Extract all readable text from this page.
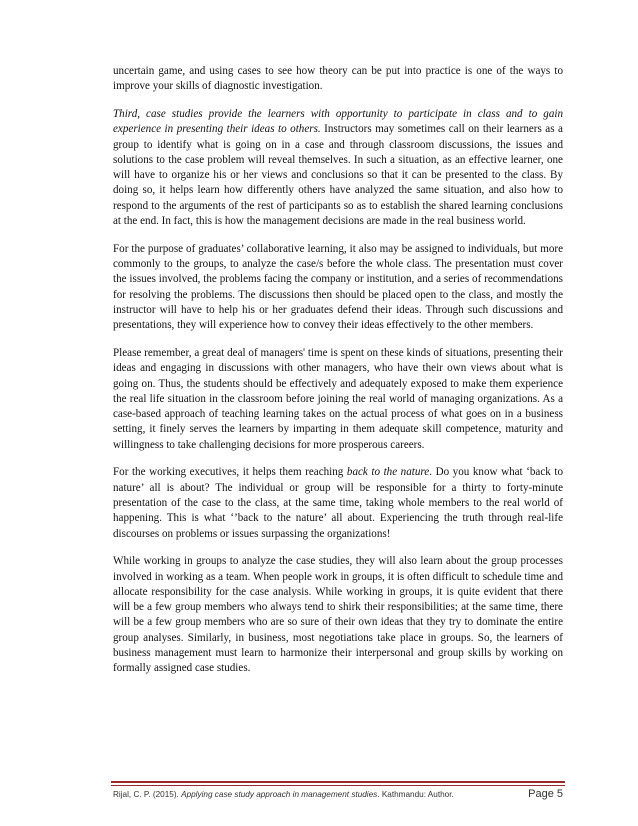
uncertain game, and using cases to see how theory can be put into practice is one of the ways to improve your skills of diagnostic investigation.

Third, case studies provide the learners with opportunity to participate in class and to gain experience in presenting their ideas to others. Instructors may sometimes call on their learners as a group to identify what is going on in a case and through classroom discussions, the issues and solutions to the case problem will reveal themselves. In such a situation, as an effective learner, one will have to organize his or her views and conclusions so that it can be presented to the class. By doing so, it helps learn how differently others have analyzed the same situation, and also how to respond to the arguments of the rest of participants so as to establish the shared learning conclusions at the end. In fact, this is how the management decisions are made in the real business world.

For the purpose of graduates’ collaborative learning, it also may be assigned to individuals, but more commonly to the groups, to analyze the case/s before the whole class. The presentation must cover the issues involved, the problems facing the company or institution, and a series of recommendations for resolving the problems. The discussions then should be placed open to the class, and mostly the instructor will have to help his or her graduates defend their ideas. Through such discussions and presentations, they will experience how to convey their ideas effectively to the other members.

Please remember, a great deal of managers' time is spent on these kinds of situations, presenting their ideas and engaging in discussions with other managers, who have their own views about what is going on. Thus, the students should be effectively and adequately exposed to make them experience the real life situation in the classroom before joining the real world of managing organizations. As a case-based approach of teaching learning takes on the actual process of what goes on in a business setting, it finely serves the learners by imparting in them adequate skill competence, maturity and willingness to take challenging decisions for more prosperous careers.

For the working executives, it helps them reaching back to the nature. Do you know what ‘back to nature’ all is about? The individual or group will be responsible for a thirty to forty-minute presentation of the case to the class, at the same time, taking whole members to the real world of happening. This is what ‘’back to the nature’ all about. Experiencing the truth through real-life discourses on problems or issues surpassing the organizations!

While working in groups to analyze the case studies, they will also learn about the group processes involved in working as a team. When people work in groups, it is often difficult to schedule time and allocate responsibility for the case analysis. While working in groups, it is quite evident that there will be a few group members who always tend to shirk their responsibilities; at the same time, there will be a few group members who are so sure of their own ideas that they try to dominate the entire group analyses. Similarly, in business, most negotiations take place in groups. So, the learners of business management must learn to harmonize their interpersonal and group skills by working on formally assigned case studies.

Rijal, C. P. (2015). Applying case study approach in management studies. Kathmandu: Author.	Page 5
